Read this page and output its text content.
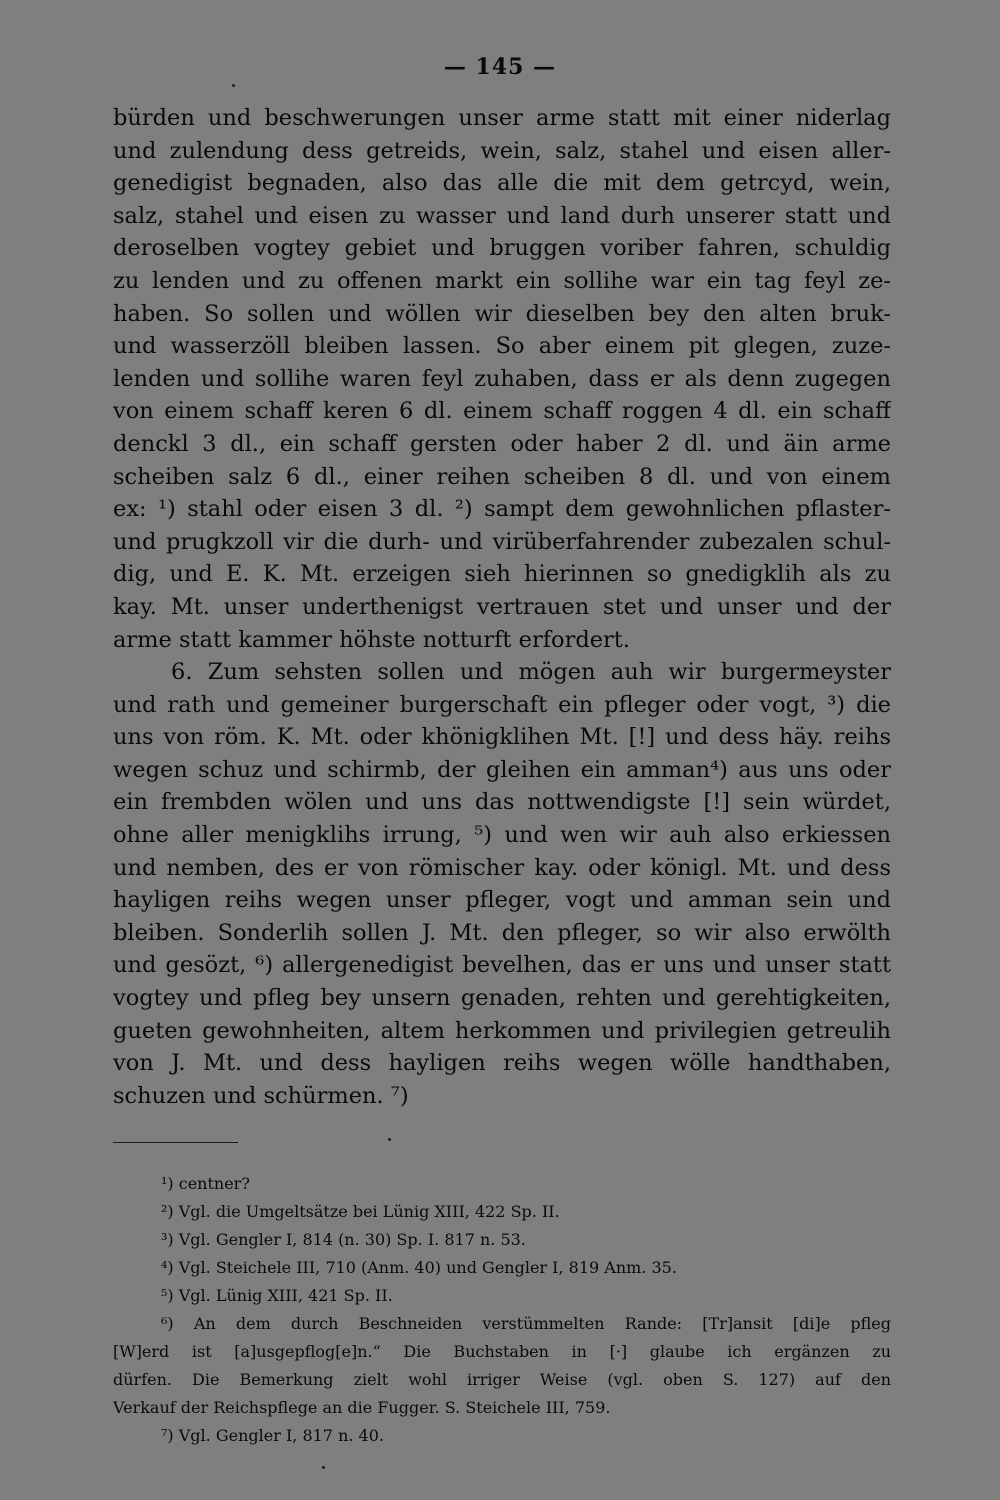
— 145 —
bürden und beschwerungen unser arme statt mit einer niderlag
und zulendung dess getreids, wein, salz, stahel und eisen aller-
genedigist begnaden, also das alle die mit dem getrcyd, wein,
salz, stahel und eisen zu wasser und land durh unserer statt und
deroselben vogtey gebiet und bruggen voriber fahren, schuldig
zu lenden und zu offenen markt ein sollihe war ein tag feyl ze-
haben. So sollen und wöllen wir dieselben bey den alten bruk-
und wasserzöll bleiben lassen. So aber einem pit glegen, zuze-
lenden und sollihe waren feyl zuhaben, dass er als denn zugegen
von einem schaff keren 6 dl. einem schaff roggen 4 dl. ein schaff
denckl 3 dl., ein schaff gersten oder haber 2 dl. und äin arme
scheiben salz 6 dl., einer reihen scheiben 8 dl. und von einem
ex: ¹) stahl oder eisen 3 dl. ²) sampt dem gewohnlichen pflaster-
und prugkzoll vir die durh- und virüberfahrender zubezalen schul-
dig, und E. K. Mt. erzeigen sieh hierinnen so gnedigklih als zu
kay. Mt. unser underthenigst vertrauen stet und unser und der
arme statt kammer höhste notturft erfordert.
6. Zum sehsten sollen und mögen auh wir burgermeyster
und rath und gemeiner burgerschaft ein pfleger oder vogt, ³) die
uns von röm. K. Mt. oder khönigklihen Mt. [!] und dess häy. reihs
wegen schuz und schirmb, der gleihen ein amman⁴) aus uns oder
ein frembden wölen und uns das nottwendigste [!] sein würdet,
ohne aller menigklihs irrung, ⁵) und wen wir auh also erkiessen
und nemben, des er von römischer kay. oder königl. Mt. und dess
hayligen reihs wegen unser pfleger, vogt und amman sein und
bleiben. Sonderlih sollen J. Mt. den pfleger, so wir also erwölth
und gesözt, ⁶) allergenedigist bevelhen, das er uns und unser statt
vogtey und pfleg bey unsern genaden, rehten und gerehtigkeiten,
gueten gewohnheiten, altem herkommen und privilegien getreulih
von J. Mt. und dess hayligen reihs wegen wölle handthaben,
schuzen und schürmen. ⁷)
¹) centner?
²) Vgl. die Umgeltsätze bei Lünig XIII, 422 Sp. II.
³) Vgl. Gengler I, 814 (n. 30) Sp. I. 817 n. 53.
⁴) Vgl. Steichele III, 710 (Anm. 40) und Gengler I, 819 Anm. 35.
⁵) Vgl. Lünig XIII, 421 Sp. II.
⁶) An dem durch Beschneiden verstümmelten Rande: [Tr]ansit [di]e pfleg
[W]erd ist [a]usgepflog[e]n.“ Die Buchstaben in [·] glaube ich ergänzen zu
dürfen. Die Bemerkung zielt wohl irriger Weise (vgl. oben S. 127) auf den
Verkauf der Reichspflege an die Fugger. S. Steichele III, 759.
⁷) Vgl. Gengler I, 817 n. 40.
